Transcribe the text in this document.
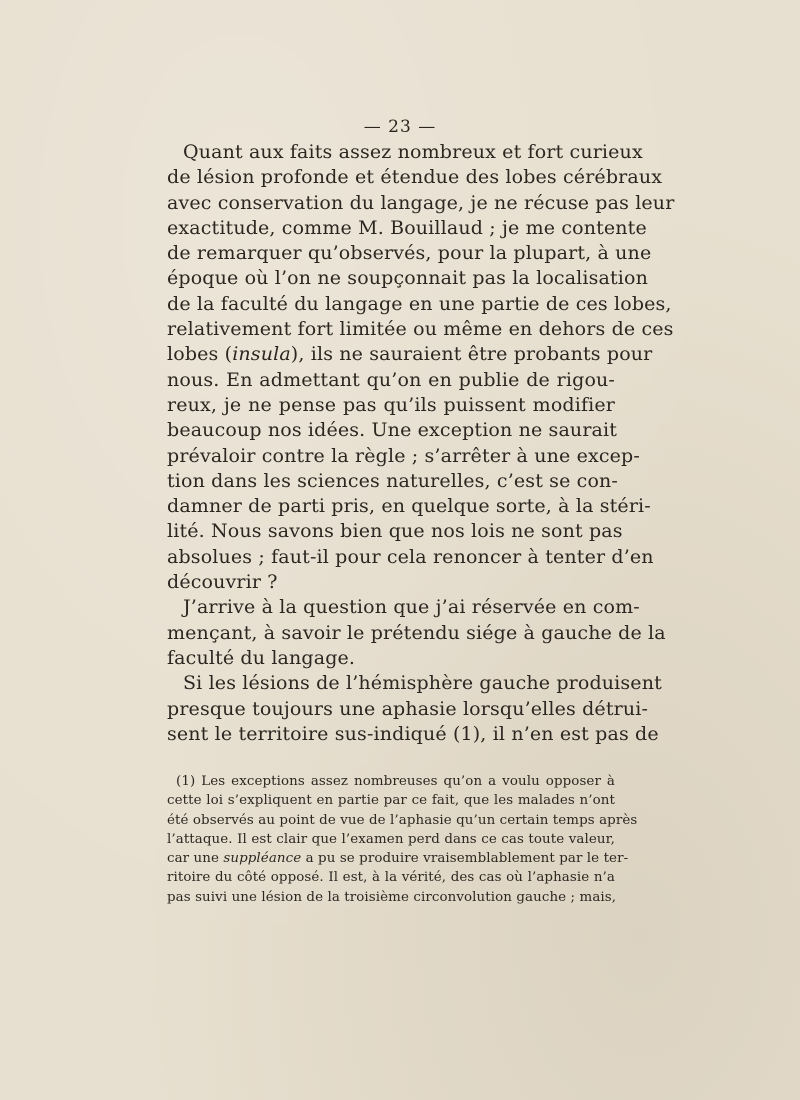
— 23 —
Quant aux faits assez nombreux et fort curieux
de lésion profonde et étendue des lobes cérébraux
avec conservation du langage, je ne récuse pas leur
exactitude, comme M. Bouillaud ; je me contente
de remarquer qu’observés, pour la plupart, à une
époque où l’on ne soupçonnait pas la localisation
de la faculté du langage en une partie de ces lobes,
relativement fort limitée ou même en dehors de ces
lobes (insula), ils ne sauraient être probants pour
nous. En admettant qu’on en publie de rigou-
reux, je ne pense pas qu’ils puissent modifier
beaucoup nos idées. Une exception ne saurait
prévaloir contre la règle ; s’arrêter à une excep-
tion dans les sciences naturelles, c’est se con-
damner de parti pris, en quelque sorte, à la stéri-
lité. Nous savons bien que nos lois ne sont pas
absolues ; faut-il pour cela renoncer à tenter d’en
découvrir ?
J’arrive à la question que j’ai réservée en com-
mençant, à savoir le prétendu siége à gauche de la
faculté du langage.
Si les lésions de l’hémisphère gauche produisent
presque toujours une aphasie lorsqu’elles détrui-
sent le territoire sus-indiqué (1), il n’en est pas de
(1) Les exceptions assez nombreuses qu’on a voulu opposer à
cette loi s’expliquent en partie par ce fait, que les malades n’ont
été observés au point de vue de l’aphasie qu’un certain temps après
l’attaque. Il est clair que l’examen perd dans ce cas toute valeur,
car une suppléance a pu se produire vraisemblablement par le ter-
ritoire du côté opposé. Il est, à la vérité, des cas où l’aphasie n’a
pas suivi une lésion de la troisième circonvolution gauche ; mais,
